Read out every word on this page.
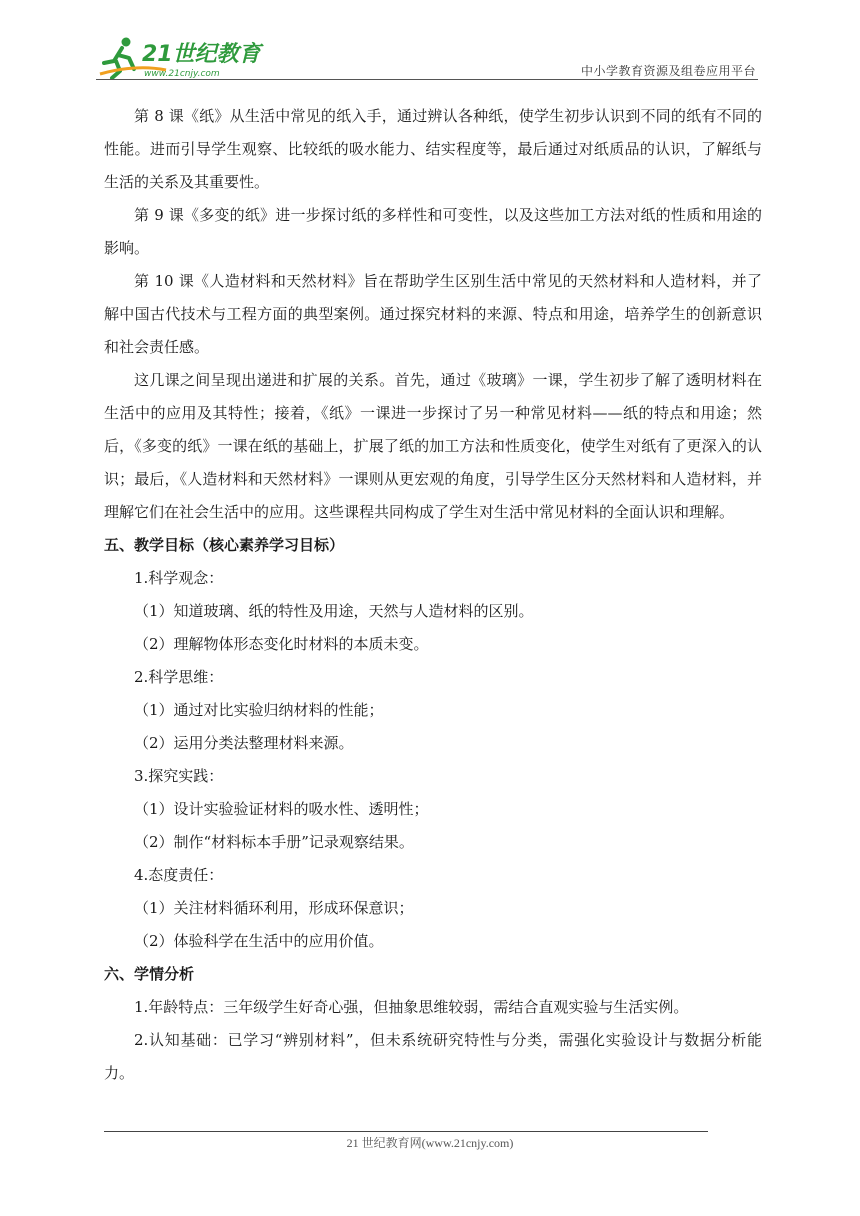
21世纪教育
www.21cnjy.com	中小学教育资源及组卷应用平台

第 8 课《纸》从生活中常见的纸入手，通过辨认各种纸，使学生初步认识到不同的纸有不同的性能。进而引导学生观察、比较纸的吸水能力、结实程度等，最后通过对纸质品的认识，了解纸与生活的关系及其重要性。

第 9 课《多变的纸》进一步探讨纸的多样性和可变性，以及这些加工方法对纸的性质和用途的影响。

第 10 课《人造材料和天然材料》旨在帮助学生区别生活中常见的天然材料和人造材料，并了解中国古代技术与工程方面的典型案例。通过探究材料的来源、特点和用途，培养学生的创新意识和社会责任感。

这几课之间呈现出递进和扩展的关系。首先，通过《玻璃》一课，学生初步了解了透明材料在生活中的应用及其特性；接着，《纸》一课进一步探讨了另一种常见材料——纸的特点和用途；然后，《多变的纸》一课在纸的基础上，扩展了纸的加工方法和性质变化，使学生对纸有了更深入的认识；最后，《人造材料和天然材料》一课则从更宏观的角度，引导学生区分天然材料和人造材料，并理解它们在社会生活中的应用。这些课程共同构成了学生对生活中常见材料的全面认识和理解。

五、教学目标（核心素养学习目标）

1.科学观念：

（1）知道玻璃、纸的特性及用途，天然与人造材料的区别。

（2）理解物体形态变化时材料的本质未变。

2.科学思维：

（1）通过对比实验归纳材料的性能；

（2）运用分类法整理材料来源。

3.探究实践：

（1）设计实验验证材料的吸水性、透明性；

（2）制作“材料标本手册”记录观察结果。

4.态度责任：

（1）关注材料循环利用，形成环保意识；

（2）体验科学在生活中的应用价值。

六、学情分析

1.年龄特点：三年级学生好奇心强，但抽象思维较弱，需结合直观实验与生活实例。

2.认知基础：已学习“辨别材料”，但未系统研究特性与分类，需强化实验设计与数据分析能力。

21 世纪教育网(www.21cnjy.com)
